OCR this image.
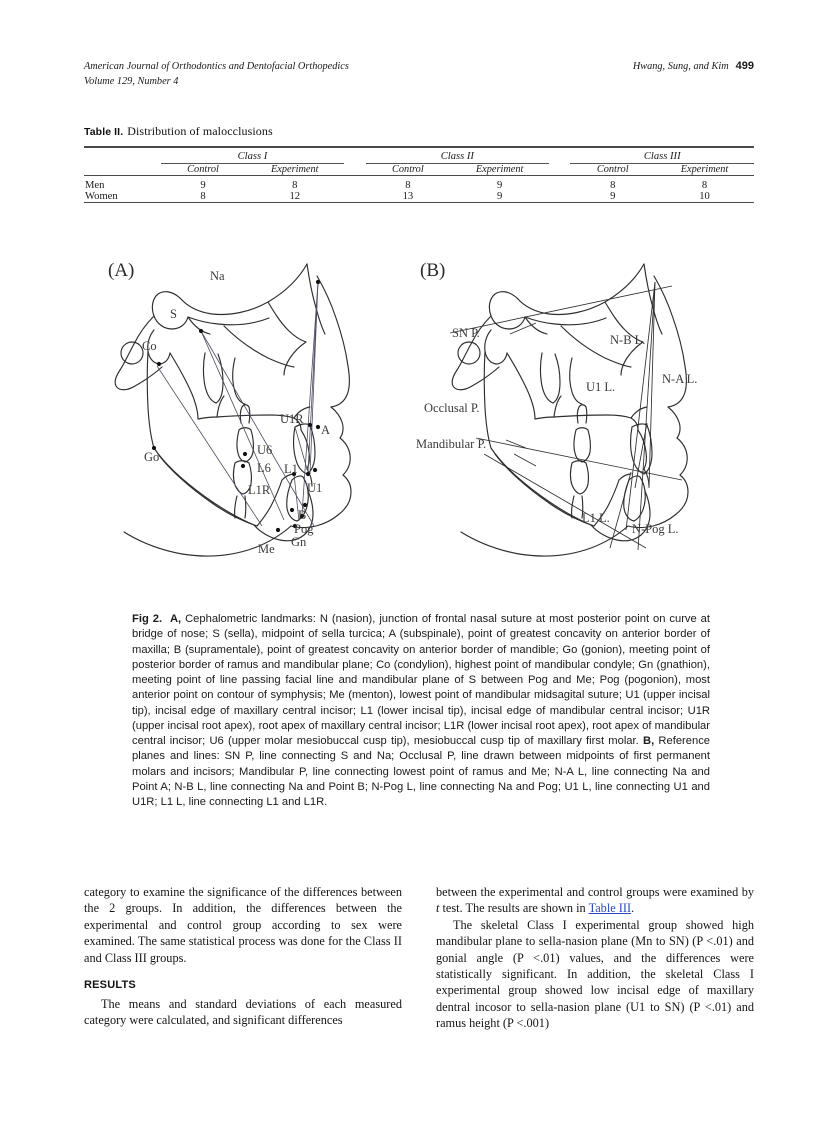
American Journal of Orthodontics and Dentofacial Orthopedics
Volume 129, Number 4
Hwang, Sung, and Kim 499
Table II. Distribution of malocclusions

	Class I			Class II			Class III	

	Control	Experiment		Control	Experiment		Control	Experiment

Men	9	8		8	9		8	8
Women	8	12		13	9		9	10

Na
S
Co
Go
U1R
A
U6
L6 L1
U1
L1R
B
Pog
Gn
Me
(A)
SN P.	N-B L.
N-A L.
U1 L.
Occlusal P.
Mandibular P.
L1 L.
N-Pog L.
(B)
Fig 2. A, Cephalometric landmarks: N (nasion), junction of frontal nasal suture at most posterior point on curve at bridge of nose; S (sella), midpoint of sella turcica; A (subspinale), point of greatest concavity on anterior border of maxilla; B (supramentale), point of greatest concavity on anterior border of mandible; Go (gonion), meeting point of posterior border of ramus and mandibular plane; Co (condylion), highest point of mandibular condyle; Gn (gnathion), meeting point of line passing facial line and mandibular plane of S between Pog and Me; Pog (pogonion), most anterior point on contour of symphysis; Me (menton), lowest point of mandibular midsagital suture; U1 (upper incisal tip), incisal edge of maxillary central incisor; L1 (lower incisal tip), incisal edge of mandibular central incisor; U1R (upper incisal root apex), root apex of maxillary central incisor; L1R (lower incisal root apex), root apex of mandibular central incisor; U6 (upper molar mesiobuccal cusp tip), mesiobuccal cusp tip of maxillary first molar. B, Reference planes and lines: SN P, line connecting S and Na; Occlusal P, line drawn between midpoints of first permanent molars and incisors; Mandibular P, line connecting lowest point of ramus and Me; N-A L, line connecting Na and Point A; N-B L, line connecting Na and Point B; N-Pog L, line connecting Na and Pog; U1 L, line connecting U1 and U1R; L1 L, line connecting L1 and L1R.

category to examine the significance of the differences between the 2 groups. In addition, the differences between the experimental and control group according to sex were examined. The same statistical process was done for the Class II and Class III groups.

RESULTS

The means and standard deviations of each measured category were calculated, and significant differences

between the experimental and control groups were examined by t test. The results are shown in Table III.

The skeletal Class I experimental group showed high mandibular plane to sella-nasion plane (Mn to SN) (P <.01) and gonial angle (P <.01) values, and the differences were statistically significant. In addition, the skeletal Class I experimental group showed low incisal edge of maxillary dentral incosor to sella-nasion plane (U1 to SN) (P <.01) and ramus height (P <.001)
